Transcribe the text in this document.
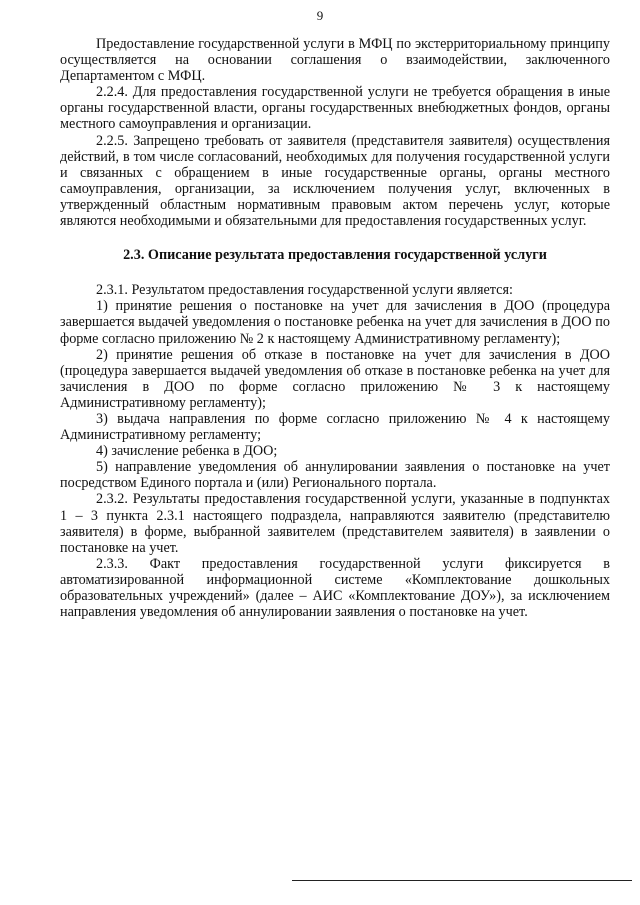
9

Предоставление государственной услуги в МФЦ по экстерриториальному принципу осуществляется на основании соглашения о взаимодействии, заключенного Департаментом с МФЦ.

2.2.4. Для предоставления государственной услуги не требуется обращения в иные органы государственной власти, органы государственных внебюджетных фондов, органы местного самоуправления и организации.

2.2.5. Запрещено требовать от заявителя (представителя заявителя) осуществления действий, в том числе согласований, необходимых для получения государственной услуги и связанных с обращением в иные государственные органы, органы местного самоуправления, организации, за исключением получения услуг, включенных в утвержденный областным нормативным правовым актом перечень услуг, которые являются необходимыми и обязательными для предоставления государственных услуг.

2.3. Описание результата предоставления государственной услуги

2.3.1. Результатом предоставления государственной услуги является:

1) принятие решения о постановке на учет для зачисления в ДОО (процедура завершается выдачей уведомления о постановке ребенка на учет для зачисления в ДОО по форме согласно приложению № 2 к настоящему Административному регламенту);

2) принятие решения об отказе в постановке на учет для зачисления в ДОО (процедура завершается выдачей уведомления об отказе в постановке ребенка на учет для зачисления в ДОО по форме согласно приложению № 3 к настоящему Административному регламенту);

3) выдача направления по форме согласно приложению № 4 к настоящему Административному регламенту;

4) зачисление ребенка в ДОО;

5) направление уведомления об аннулировании заявления о постановке на учет посредством Единого портала и (или) Регионального портала.

2.3.2. Результаты предоставления государственной услуги, указанные в подпунктах 1 – 3 пункта 2.3.1 настоящего подраздела, направляются заявителю (представителю заявителя) в форме, выбранной заявителем (представителем заявителя) в заявлении о постановке на учет.

2.3.3. Факт предоставления государственной услуги фиксируется в автоматизированной информационной системе «Комплектование дошкольных образовательных учреждений» (далее – АИС «Комплектование ДОУ»), за исключением направления уведомления об аннулировании заявления о постановке на учет.
